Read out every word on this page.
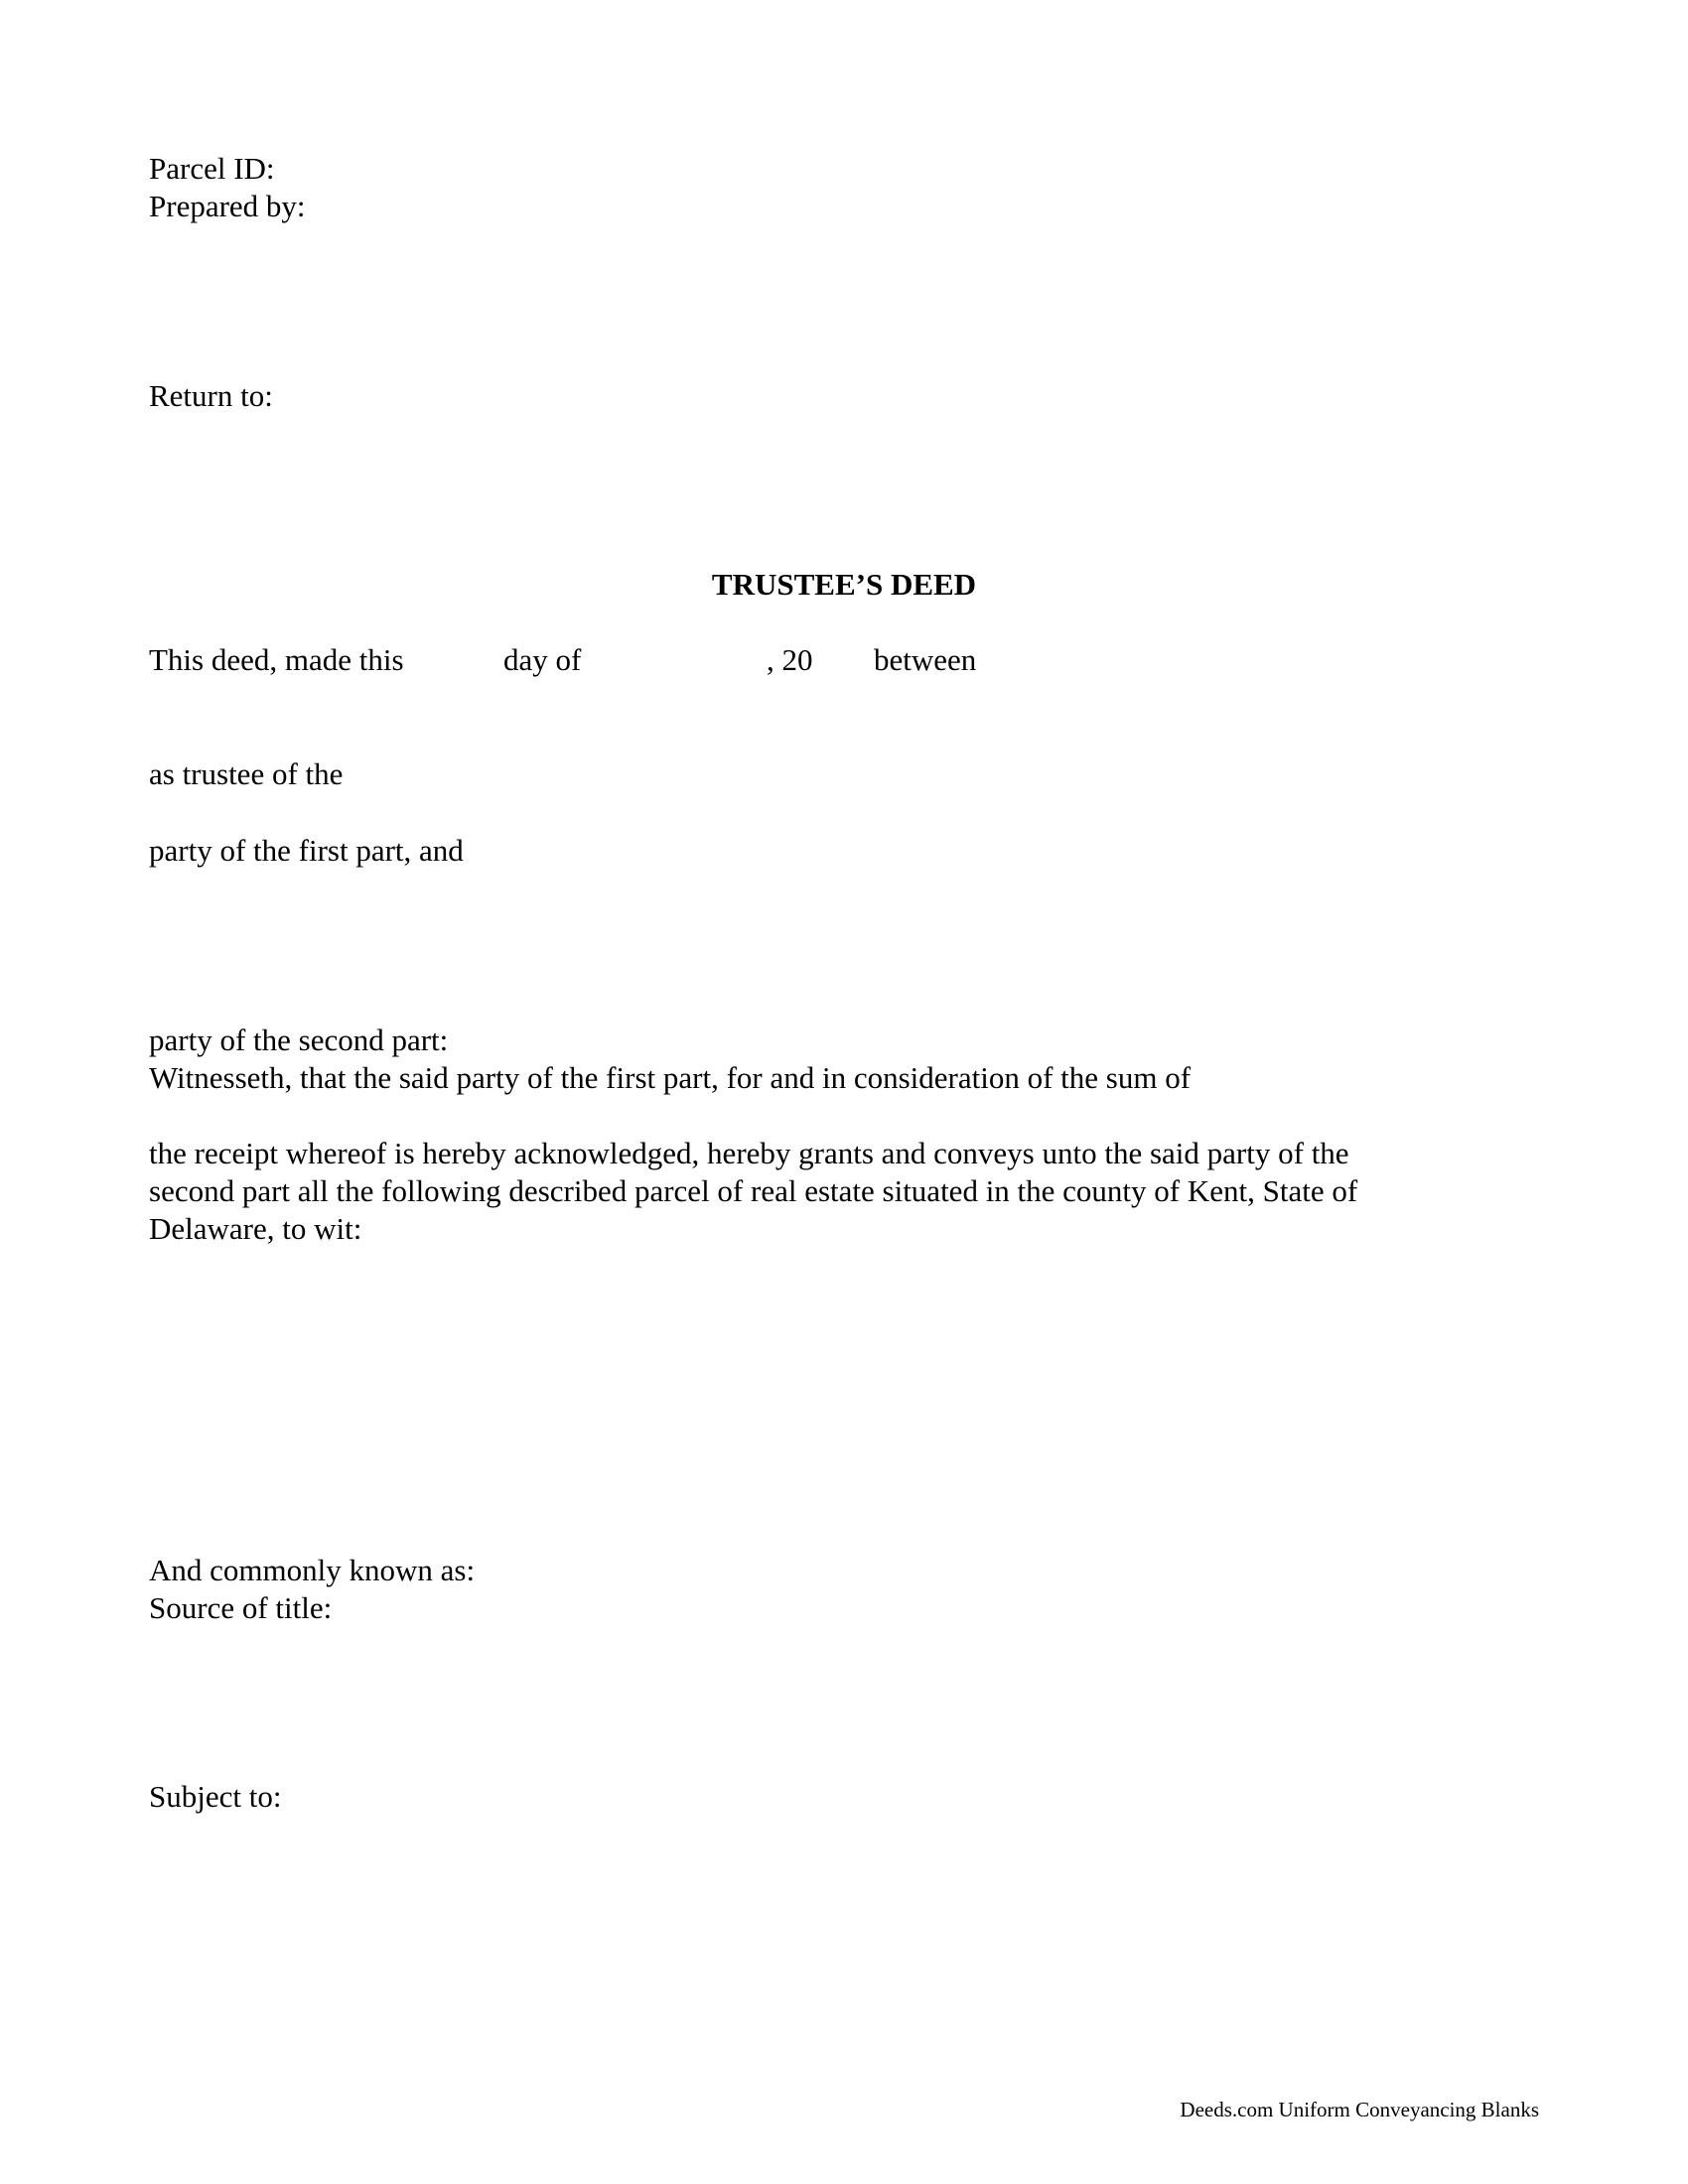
Parcel ID:
Prepared by:
Return to:
TRUSTEE’S DEED
This deed, made this	day of	, 20 between
as trustee of the
party of the first part, and
party of the second part:
Witnesseth, that the said party of the first part, for and in consideration of the sum of
the receipt whereof is hereby acknowledged, hereby grants and conveys unto the said party of the
second part all the following described parcel of real estate situated in the county of Kent, State of
Delaware, to wit:
And commonly known as:
Source of title:
Subject to:
Deeds.com Uniform Conveyancing Blanks
